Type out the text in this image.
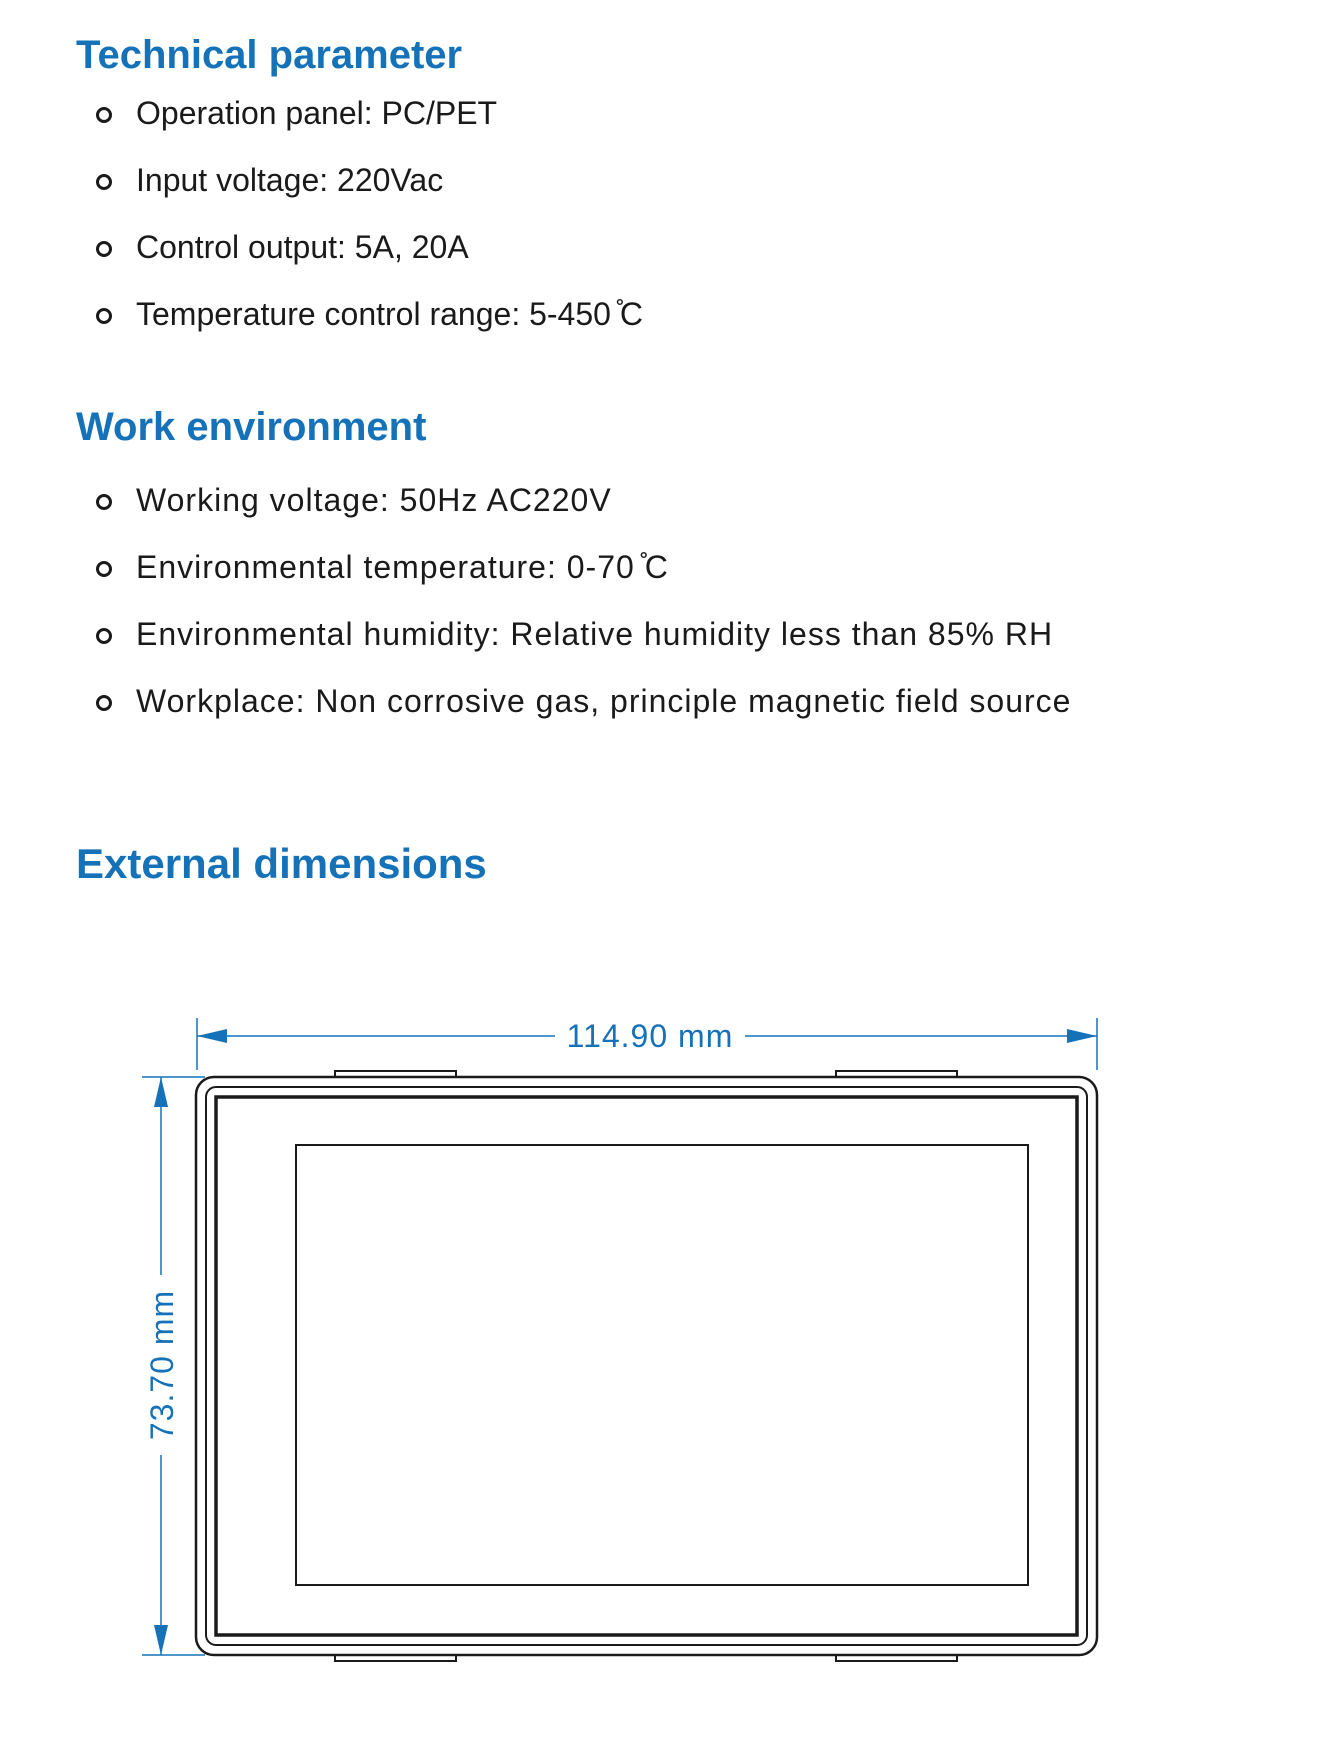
Technical parameter
Operation panel: PC/PET
Input voltage: 220Vac
Control output: 5A, 20A
Temperature control range: 5-450 ̊C
Work environment
Working voltage: 50Hz AC220V
Environmental temperature: 0-70 ̊C
Environmental humidity: Relative humidity less than 85% RH
Workplace: Non corrosive gas, principle magnetic field source
External dimensions
114.90 mm
73.70 mm
